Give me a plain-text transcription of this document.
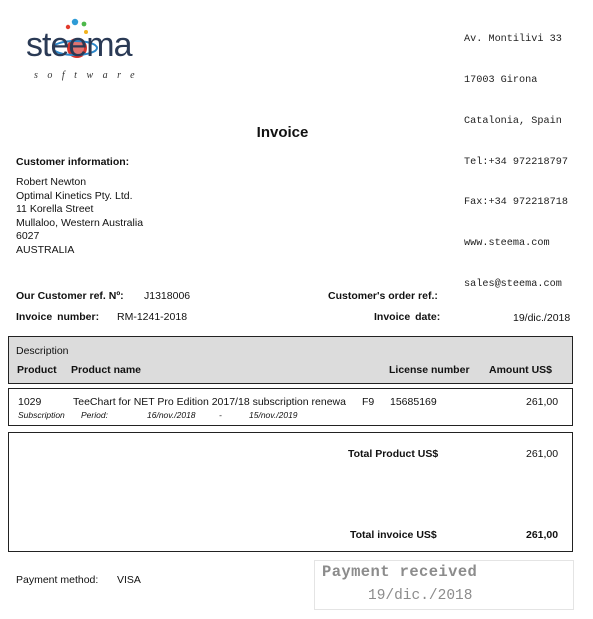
steema
software

Av. Montilivi 33

17003 Girona

Catalonia, Spain

Tel:+34 972218797

Fax:+34 972218718

www.steema.com

sales@steema.com

Invoice
Customer information:
Robert Newton
Optimal Kinetics Pty. Ltd.
11 Korella Street
Mullaloo, Western Australia
6027
AUSTRALIA
Our Customer ref. Nº: J1318006	Customer's order ref.:
Invoice number: RM-1241-2018	Invoice date:	19/dic./2018
Description
Product Product name	License number Amount US$
1029	TeeChart for NET Pro Edition 2017/18 subscription renewa	F9 15685169	261,00
Subscription Period:	16/nov./2018	-	15/nov./2019
Total Product US$	261,00
Total invoice US$	261,00
Payment method: VISA	Payment received
19/dic./2018
